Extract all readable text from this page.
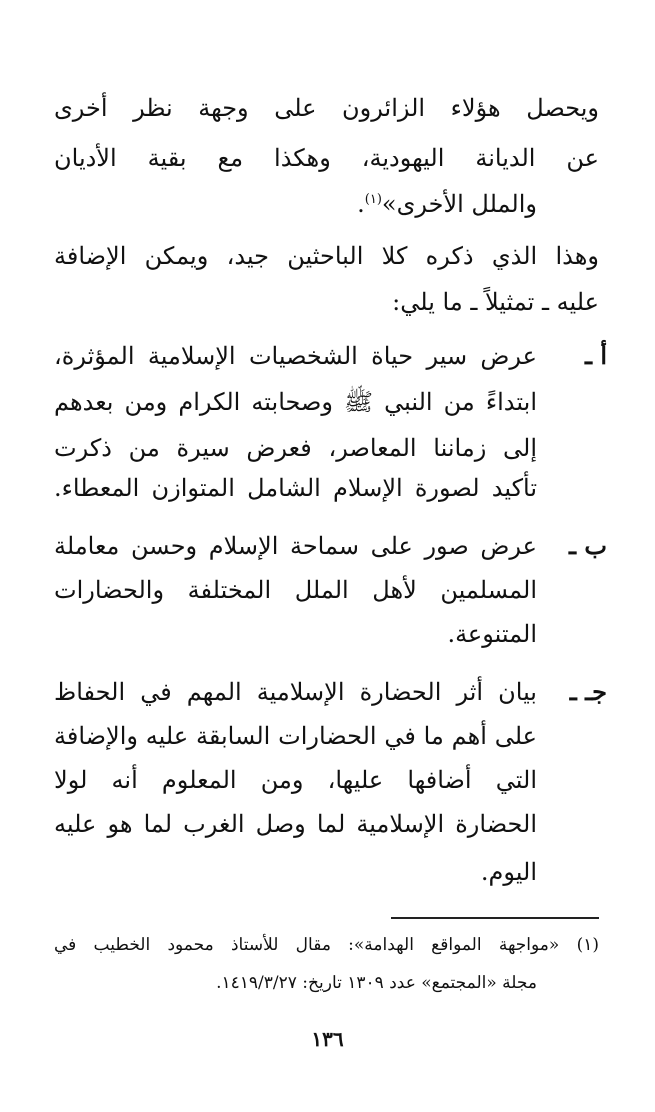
ويحصل هؤلاء الزائرون على وجهة نظر أخرى
عن الديانة اليهودية، وهكذا مع بقية الأديان
والملل الأخرى»$^{(١)}$.
وهذا الذي ذكره كلا الباحثين جيد، ويمكن الإضافة
عليه ـ تمثيلاً ـ ما يلي:
أ ـ
عرض سير حياة الشخصيات الإسلامية المؤثرة،
ابتداءً من النبي ﷺ وصحابته الكرام ومن بعدهم
إلى زماننا المعاصر، فعرض سيرة من ذكرت
تأكيد لصورة الإسلام الشامل المتوازن المعطاء.
ب ـ
عرض صور على سماحة الإسلام وحسن معاملة
المسلمين لأهل الملل المختلفة والحضارات
المتنوعة.
جـ ـ
بيان أثر الحضارة الإسلامية المهم في الحفاظ
على أهم ما في الحضارات السابقة عليه والإضافة
التي أضافها عليها، ومن المعلوم أنه لولا
الحضارة الإسلامية لما وصل الغرب لما هو عليه
اليوم.
(١) «مواجهة المواقع الهدامة»: مقال للأستاذ محمود الخطيب في
مجلة «المجتمع» عدد ١٣٠٩ تاريخ: ١٤١٩/٣/٢٧.
١٣٦
